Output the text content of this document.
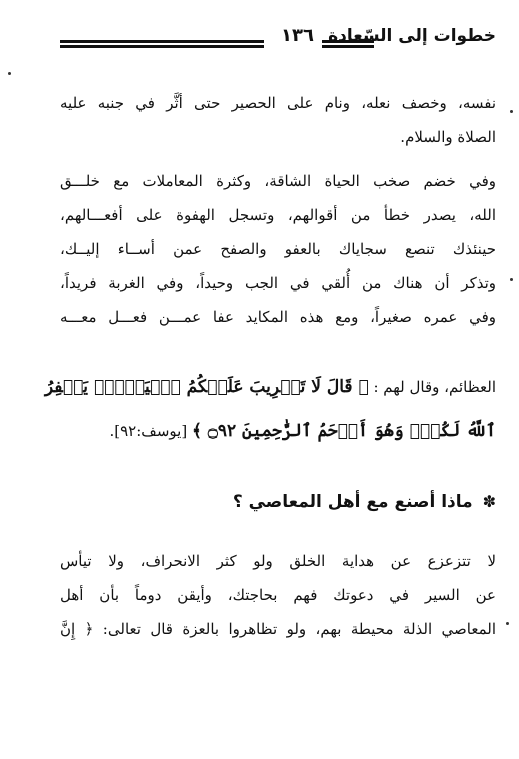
١٣٦ خطوات إلى السّعادة
نفسه، وخصف نعله، ونام على الحصير حتى أثَّر في جنبه عليه
الصلاة والسلام.
وفي خضم صخب الحياة الشاقة، وكثرة المعاملات مع خلـــق
الله، يصدر خطأ من أقوالهم، وتسجل الهفوة على أفعـــالهم،
حينئذك تنصع سجاياك بالعفو والصفح عمن أســاء إليــك،
وتذكر أن هناك من أُلقي في الجب وحيداً، وفي الغربة فريداً،
وفي عمره صغيراً، ومع هذه المكايد عفا عمـــن فعـــل معـــه
العظائم، وقال لهم : ﴿ قَالَ لَا تَثۡرِيبَ عَلَيۡكُمُ ٱلۡيَوۡمَۖ يَغۡفِرُ
ٱللَّهُ لَكُمۡۖ وَهُوَ أَرۡحَمُ ٱلرَّٰحِمِينَ ۝٩٢ ﴾ [يوسف:٩٢].
✽ ماذا أصنع مع أهل المعاصي ؟
لا تتزعزع عن هداية الخلق ولو كثر الانحراف، ولا تيأس
عن السير في دعوتك فهم بحاجتك، وأيقن دوماً بأن أهل
المعاصي الذلة محيطة بهم، ولو تظاهروا بالعزة قال تعالى: ﴿ إِنَّ
